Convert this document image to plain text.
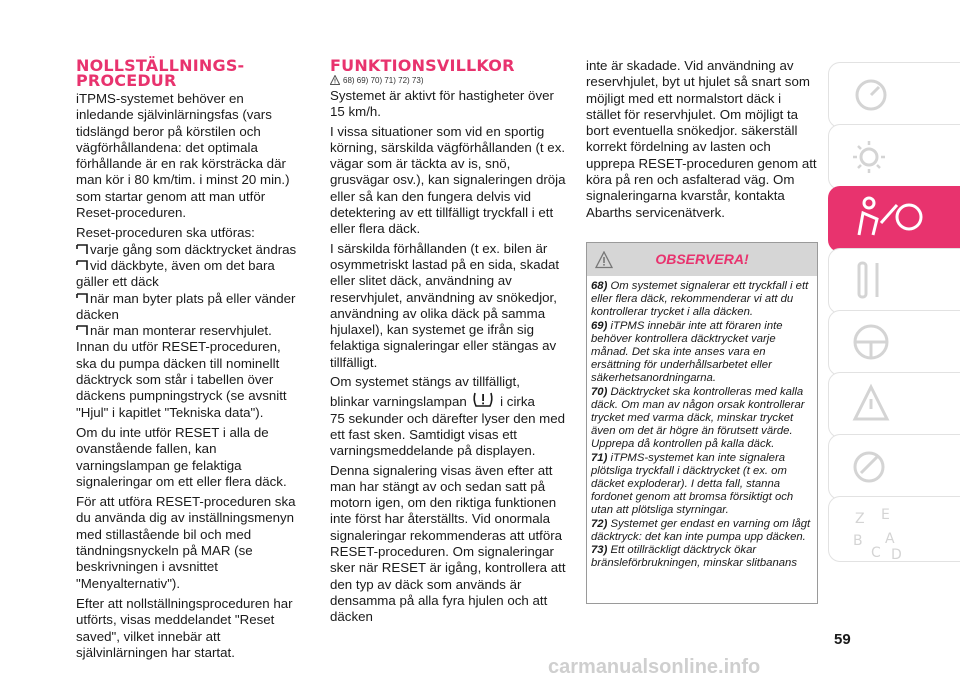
NOLLSTÄLLNINGS-
PROCEDUR

iTPMS-systemet behöver en inledande självinlärningsfas (vars tidslängd beror på körstilen och vägförhållandena: det optimala förhållande är en rak körsträcka där man kör i 80 km/tim. i minst 20 min.) som startar genom att man utför Reset-proceduren.

Reset-proceduren ska utföras:

varje gång som däcktrycket ändras
vid däckbyte, även om det bara gäller ett däck
när man byter plats på eller vänder däcken
när man monterar reservhjulet. Innan du utför RESET-proceduren, ska du pumpa däcken till nominellt däcktryck som står i tabellen över däckens pumpningstryck (se avsnitt "Hjul" i kapitlet "Tekniska data").

Om du inte utför RESET i alla de ovanstående fallen, kan varningslampan ge felaktiga signaleringar om ett eller flera däck.

För att utföra RESET-proceduren ska du använda dig av inställningsmenyn med stillastående bil och med tändningsnyckeln på MAR (se beskrivningen i avsnittet "Menyalternativ").

Efter att nollställningsproceduren har utförts, visas meddelandet "Reset saved", vilket innebär att självinlärningen har startat.

FUNKTIONSVILLKOR

68) 69) 70) 71) 72) 73)

Systemet är aktivt för hastigheter över 15 km/h.

I vissa situationer som vid en sportig körning, särskilda vägförhållanden (t ex. vägar som är täckta av is, snö, grusvägar osv.), kan signaleringen dröja eller så kan den fungera delvis vid detektering av ett tillfälligt tryckfall i ett eller flera däck.

I särskilda förhållanden (t ex. bilen är osymmetriskt lastad på en sida, skadat eller slitet däck, användning av reservhjulet, användning av snökedjor, användning av olika däck på samma hjulaxel), kan systemet ge ifrån sig felaktiga signaleringar eller stängas av tillfälligt.

Om systemet stängs av tillfälligt,
blinkar varningslampan	i cirka
75 sekunder och därefter lyser den med ett fast sken. Samtidigt visas ett varningsmeddelande på displayen.

Denna signalering visas även efter att man har stängt av och sedan satt på motorn igen, om den riktiga funktionen inte först har återställts. Vid onormala signaleringar rekommenderas att utföra RESET-proceduren. Om signaleringar sker när RESET är igång, kontrollera att den typ av däck som används är densamma på alla fyra hjulen och att däcken

inte är skadade. Vid användning av reservhjulet, byt ut hjulet så snart som möjligt med ett normalstort däck i stället för reservhjulet. Om möjligt ta bort eventuella snökedjor. säkerställ korrekt fördelning av lasten och upprepa RESET-proceduren genom att köra på ren och asfalterad väg. Om signaleringarna kvarstår, kontakta Abarths servicenätverk.

OBSERVERA!

68) Om systemet signalerar ett tryckfall i ett eller flera däck, rekommenderar vi att du kontrollerar trycket i alla däcken.

69) iTPMS innebär inte att föraren inte behöver kontrollera däcktrycket varje månad. Det ska inte anses vara en ersättning för underhållsarbetet eller säkerhetsanordningarna.

70) Däcktrycket ska kontrolleras med kalla däck. Om man av någon orsak kontrollerar trycket med varma däck, minskar trycket även om det är högre än förutsett värde. Upprepa då kontrollen på kalla däck.

71) iTPMS-systemet kan inte signalera plötsliga tryckfall i däcktrycket (t ex. om däcket exploderar). I detta fall, stanna fordonet genom att bromsa försiktigt och utan att plötsliga styrningar.

72) Systemet ger endast en varning om lågt däcktryck: det kan inte pumpa upp däcken.

73) Ett otillräckligt däcktryck ökar bränsleförbrukningen, minskar slitbanans

Z E
B A
C D
59
carmanualsonline.info
